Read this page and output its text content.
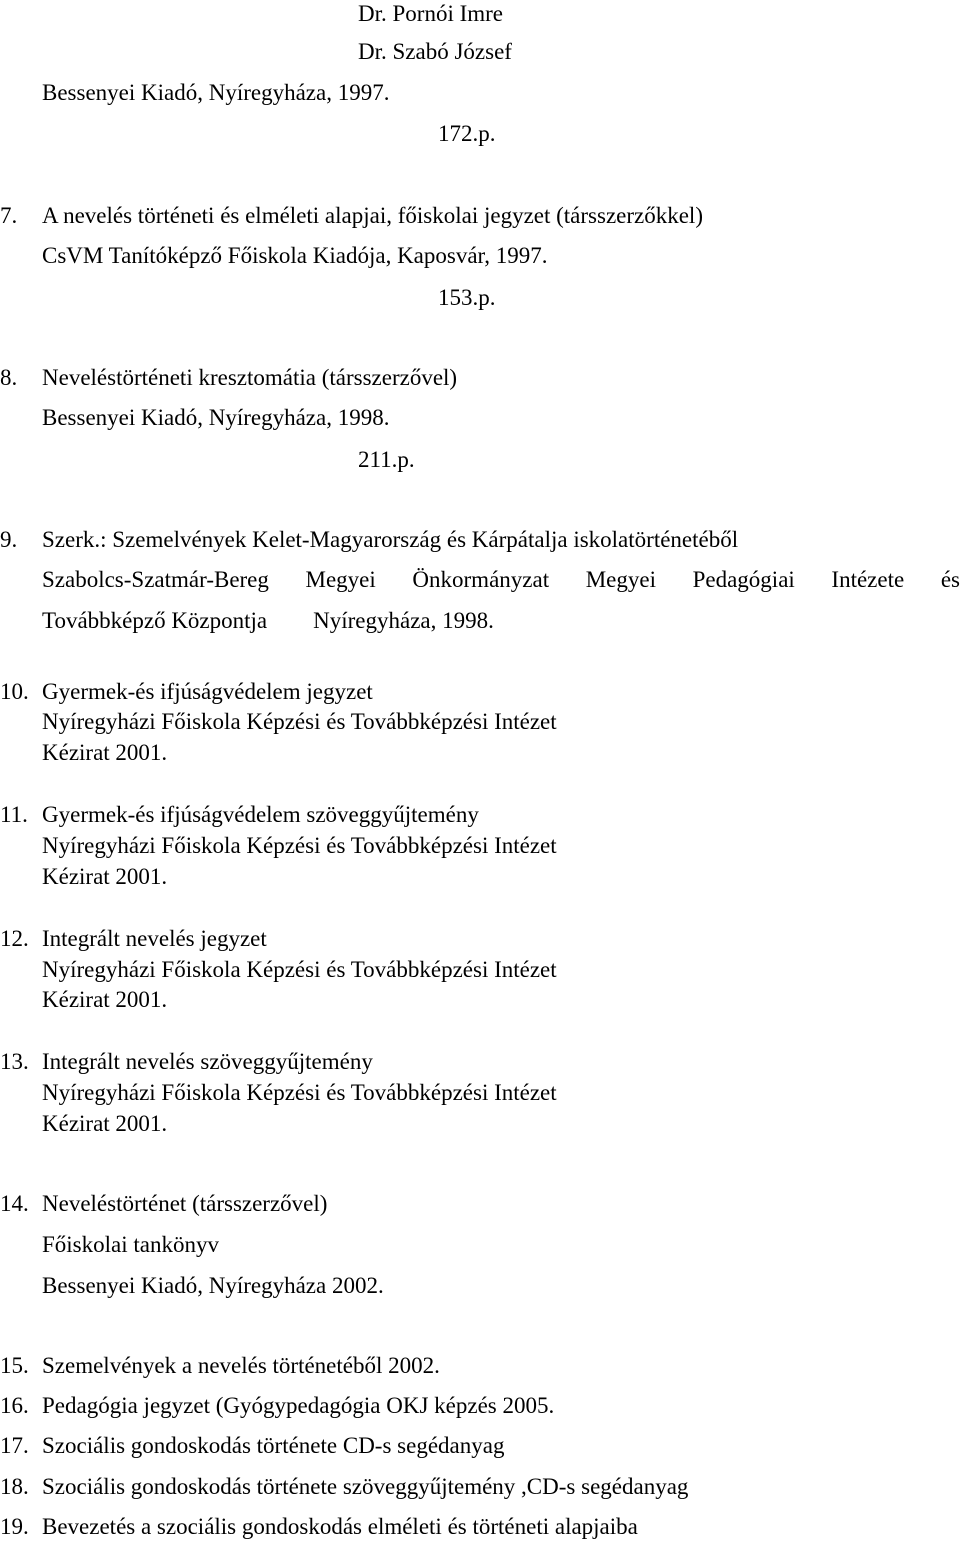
Dr. Pornói Imre
Dr. Szabó József
Bessenyei Kiadó, Nyíregyháza, 1997.
172.p.
7. A nevelés történeti és elméleti alapjai, főiskolai jegyzet (társszerzőkkel)
CsVM Tanítóképző Főiskola Kiadója, Kaposvár, 1997.
153.p.
8. Neveléstörténeti kresztomátia (társszerzővel)
Bessenyei Kiadó, Nyíregyháza, 1998.
211.p.
9. Szerk.: Szemelvények Kelet-Magyarország és Kárpátalja iskolatörténetéből
Szabolcs-Szatmár-Bereg Megyei Önkormányzat Megyei Pedagógiai Intézete és
Továbbképző Központja Nyíregyháza, 1998.
10. Gyermek-és ifjúságvédelem jegyzet
Nyíregyházi Főiskola Képzési és Továbbképzési Intézet
Kézirat 2001.
11. Gyermek-és ifjúságvédelem szöveggyűjtemény
Nyíregyházi Főiskola Képzési és Továbbképzési Intézet
Kézirat 2001.
12. Integrált nevelés jegyzet
Nyíregyházi Főiskola Képzési és Továbbképzési Intézet
Kézirat 2001.
13. Integrált nevelés szöveggyűjtemény
Nyíregyházi Főiskola Képzési és Továbbképzési Intézet
Kézirat 2001.
14. Neveléstörténet (társszerzővel)
Főiskolai tankönyv
Bessenyei Kiadó, Nyíregyháza 2002.
15. Szemelvények a nevelés történetéből 2002.
16. Pedagógia jegyzet (Gyógypedagógia OKJ képzés 2005.
17. Szociális gondoskodás története CD-s segédanyag
18. Szociális gondoskodás története szöveggyűjtemény ,CD-s segédanyag
19. Bevezetés a szociális gondoskodás elméleti és történeti alapjaiba
